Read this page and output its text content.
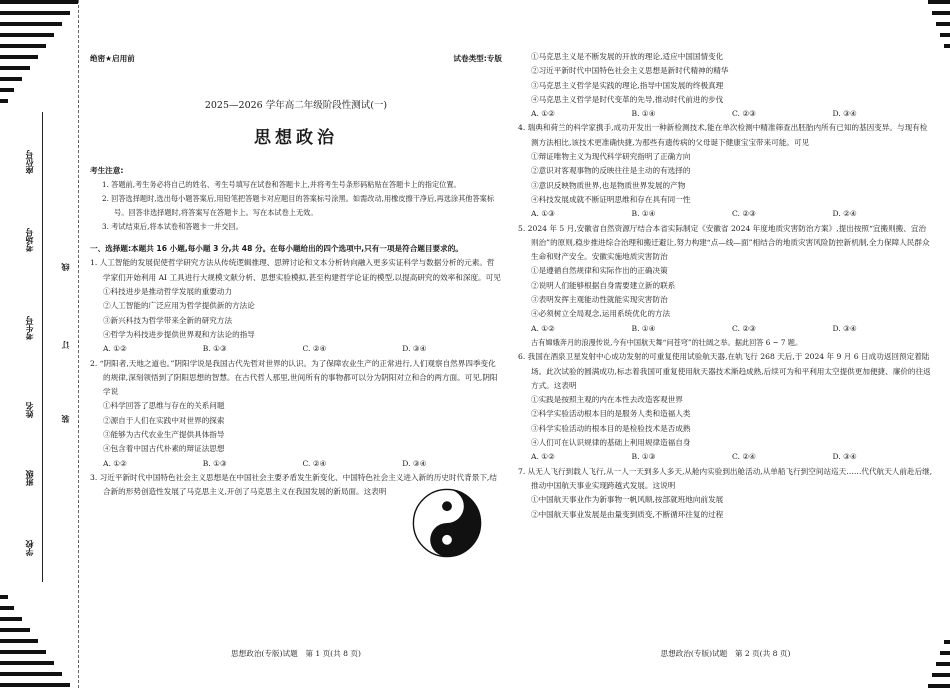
座位号
考场号
考生号
姓名
班级
学校
线
订
装
绝密★启用前	试卷类型:专版
2025—2026 学年高二年级阶段性测试(一)
思想政治
考生注意:
1. 答题前,考生务必将自己的姓名、考生号填写在试卷和答题卡上,并将考生号条形码粘贴在答题卡上的指定位置。
2. 回答选择题时,选出每小题答案后,用铅笔把答题卡对应题目的答案标号涂黑。如需改动,用橡皮擦干净后,再选涂其他答案标号。回答非选择题时,将答案写在答题卡上。写在本试卷上无效。
3. 考试结束后,将本试卷和答题卡一并交回。
一、选择题:本题共 16 小题,每小题 3 分,共 48 分。在每小题给出的四个选项中,只有一项是符合题目要求的。
1. 人工智能的发展促使哲学研究方法从传统逻辑推理、思辨讨论和文本分析转向融入更多实证科学与数据分析的元素。哲学家们开始利用 AI 工具进行大规模文献分析、思想实验模拟,甚至构建哲学论证的模型,以提高研究的效率和深度。可见
①科技进步是推动哲学发展的重要动力
②人工智能的广泛应用为哲学提供新的方法论
③新兴科技为哲学带来全新的研究方法
④哲学为科技进步提供世界观和方法论的指导
A. ①②	B. ①③	C. ②④	D. ③④
2. “阴阳者,天地之道也。”阴阳学说是我国古代先哲对世界的认识。为了保障农业生产的正常进行,人们观察自然界四季变化的规律,深刻领悟到了阴阳思想的智慧。在古代哲人那里,世间所有的事物都可以分为阴阳对立和合的两方面。可见,阴阳学说
①科学回答了思维与存在的关系问题
②源自于人们在实践中对世界的探索
③能够为古代农业生产提供具体指导
④包含着中国古代朴素的辩证法思想
A. ①②	B. ①③	C. ②④	D. ③④
3. 习近平新时代中国特色社会主义思想是在中国社会主要矛盾发生新变化、中国特色社会主义进入新的历史时代背景下,结合新的形势创造性发展了马克思主义,开创了马克思主义在我国发展的新局面。这表明
①马克思主义是不断发展的开放的理论,适应中国国情变化
②习近平新时代中国特色社会主义思想是新时代精神的精华
③马克思主义哲学是实践的理论,指导中国发展的终极真理
④马克思主义哲学是时代变革的先导,推动时代前进的步伐
A. ①②	B. ①④	C. ②③	D. ③④
4. 瑞典和荷兰的科学家携手,成功开发出一种新检测技术,能在单次检测中精准筛查出胚胎内所有已知的基因变异。与现有检测方法相比,该技术更准确快捷,为那些有遗传病的父母诞下健康宝宝带来可能。可见
①辩证唯物主义为现代科学研究指明了正确方向
②意识对客观事物的反映往往是主动的有选择的
③意识反映物质世界,也是物质世界发展的产物
④科技发展成就不断证明思维和存在具有同一性
A. ①③	B. ①④	C. ②③	D. ②④
5. 2024 年 5 月,安徽省自然资源厅结合本省实际制定《安徽省 2024 年度地质灾害防治方案》,提出按照“宜搬则搬、宜治则治”的原则,稳步推进综合治理和搬迁避让,努力构建“点—线—面”相结合的地质灾害风险防控新机制,全力保障人民群众生命和财产安全。安徽实施地质灾害防治
①是遵循自然规律和实际作出的正确决策
②说明人们能够根据自身需要建立新的联系
③表明发挥主观能动性就能实现灾害防治
④必须树立全局观念,运用系统优化的方法
A. ①②	B. ①④	C. ②③	D. ③④
古有嫦娥奔月的浪漫传说,今有中国航天舞“问苍穹”的壮阔之举。据此回答 6 ~ 7 题。
6. 我国在酒泉卫星发射中心成功发射的可重复使用试验航天器,在轨飞行 268 天后,于 2024 年 9 月 6 日成功返回预定着陆场。此次试验的圆满成功,标志着我国可重复使用航天器技术渐趋成熟,后续可为和平利用太空提供更加便捷、廉价的往返方式。这表明
①实践是按照主观的内在本性去改造客观世界
②科学实验活动根本目的是服务人类和造福人类
③科学实验活动的根本目的是检验技术是否成熟
④人们可在认识规律的基础上利用规律造福自身
A. ①②	B. ①③	C. ②④	D. ③④
7. 从无人飞行到载人飞行,从一人一天到多人多天,从舱内实验到出舱活动,从单船飞行到空间站巡天……代代航天人前赴后继,推动中国航天事业实现跨越式发展。这说明
①中国航天事业作为新事物一帆风顺,按部就班地向前发展
②中国航天事业发展是由量变到质变,不断循环往复的过程
思想政治(专版)试题　第 1 页(共 8 页)	思想政治(专版)试题　第 2 页(共 8 页)
